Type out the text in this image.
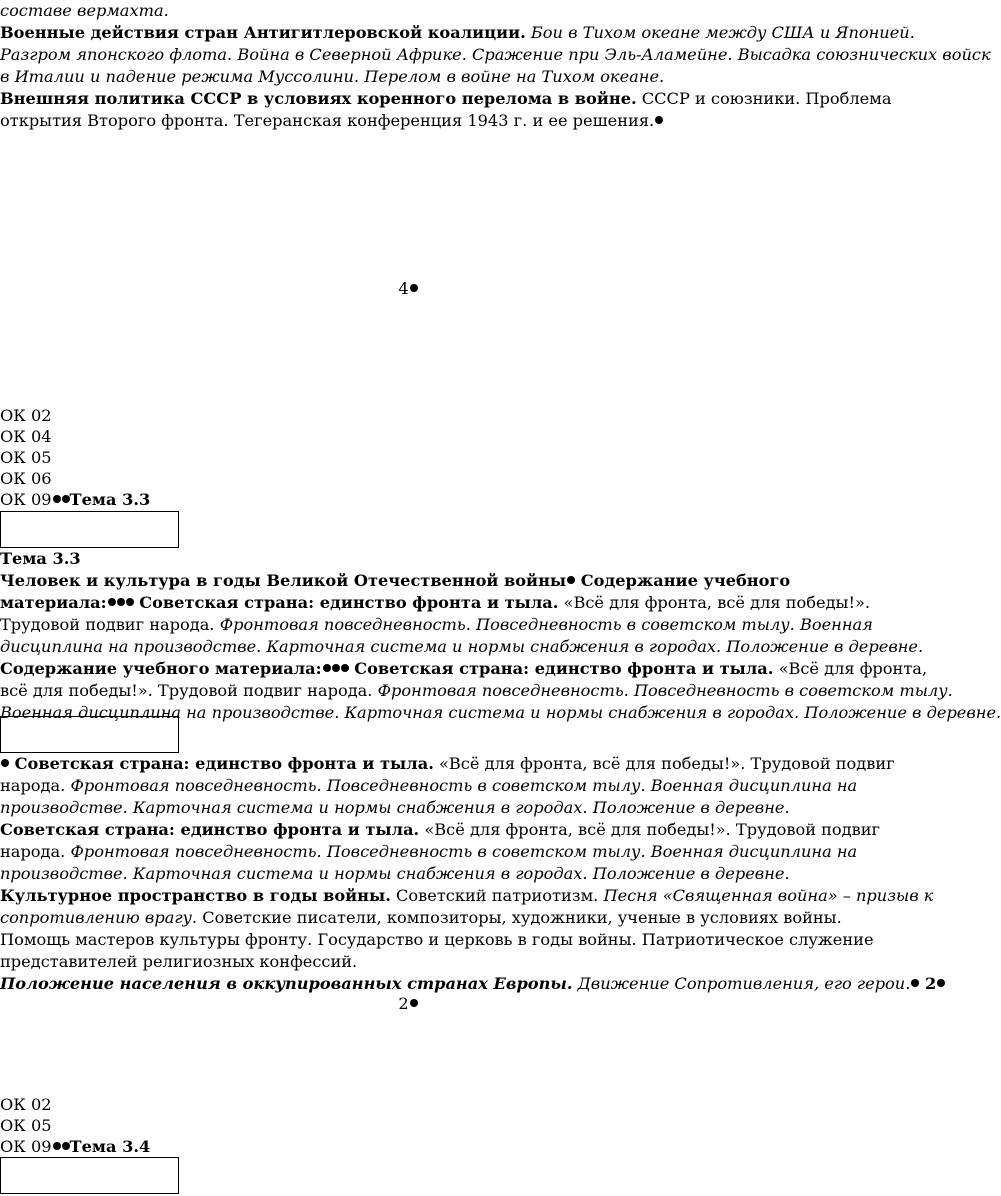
составе вермахта.
Военные действия стран Антигитлеровской коалиции. Бои в Тихом океане между США и Японией.
Разгром японского флота. Война в Северной Африке. Сражение при Эль-Аламейне. Высадка союзнических войск
в Италии и падение режима Муссолини. Перелом в войне на Тихом океане.
Внешняя политика СССР в условиях коренного перелома в войне. СССР и союзники. Проблема
открытия Второго фронта. Тегеранская конференция 1943 г. и ее решения.
4
ОК 02
ОК 04
ОК 05
ОК 06
ОК 09 Тема 3.3
Тема 3.3
Человек и культура в годы Великой Отечественной войны Содержание учебного
материала: Советская страна: единство фронта и тыла. «Всё для фронта, всё для победы!».
Трудовой подвиг народа. Фронтовая повседневность. Повседневность в советском тылу. Военная
дисциплина на производстве. Карточная система и нормы снабжения в городах. Положение в деревне.
Содержание учебного материала: Советская страна: единство фронта и тыла. «Всё для фронта,
всё для победы!». Трудовой подвиг народа. Фронтовая повседневность. Повседневность в советском тылу.
Военная дисциплина на производстве. Карточная система и нормы снабжения в городах. Положение в деревне.
Советская страна: единство фронта и тыла. «Всё для фронта, всё для победы!». Трудовой подвиг
народа. Фронтовая повседневность. Повседневность в советском тылу. Военная дисциплина на
производстве. Карточная система и нормы снабжения в городах. Положение в деревне.
Советская страна: единство фронта и тыла. «Всё для фронта, всё для победы!». Трудовой подвиг
народа. Фронтовая повседневность. Повседневность в советском тылу. Военная дисциплина на
производстве. Карточная система и нормы снабжения в городах. Положение в деревне.
Культурное пространство в годы войны. Советский патриотизм. Песня «Священная война» – призыв к
сопротивлению врагу. Советские писатели, композиторы, художники, ученые в условиях войны.
Помощь мастеров культуры фронту. Государство и церковь в годы войны. Патриотическое служение
представителей религиозных конфессий.
Положение населения в оккупированных странах Европы. Движение Сопротивления, его герои. 2
2
ОК 02
ОК 05
ОК 09 Тема 3.4
